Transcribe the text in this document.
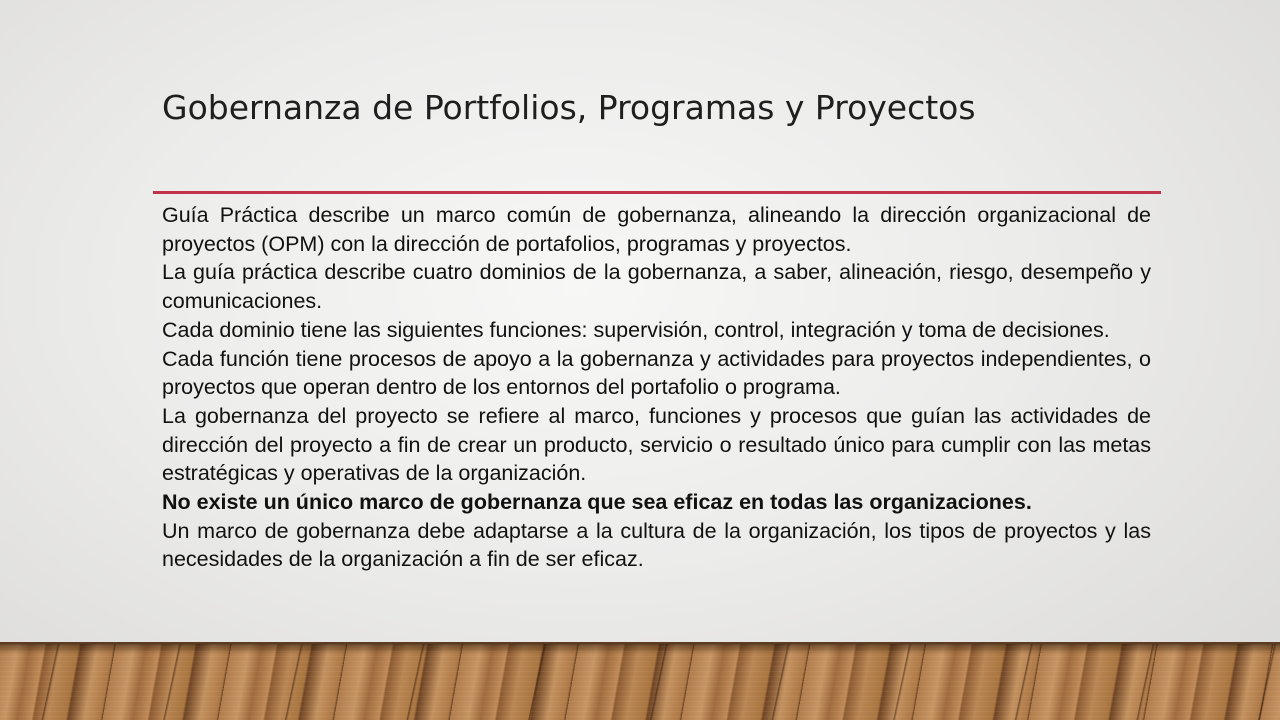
Gobernanza de Portfolios, Programas y Proyectos

Guía Práctica describe un marco común de gobernanza, alineando la dirección organizacional de proyectos (OPM) con la dirección de portafolios, programas y proyectos.

La guía práctica describe cuatro dominios de la gobernanza, a saber, alineación, riesgo, desempeño y comunicaciones.

Cada dominio tiene las siguientes funciones: supervisión, control, integración y toma de decisiones.

Cada función tiene procesos de apoyo a la gobernanza y actividades para proyectos independientes, o proyectos que operan dentro de los entornos del portafolio o programa.

La gobernanza del proyecto se refiere al marco, funciones y procesos que guían las actividades de dirección del proyecto a fin de crear un producto, servicio o resultado único para cumplir con las metas estratégicas y operativas de la organización.

No existe un único marco de gobernanza que sea eficaz en todas las organizaciones.

Un marco de gobernanza debe adaptarse a la cultura de la organización, los tipos de proyectos y las necesidades de la organización a fin de ser eficaz.
